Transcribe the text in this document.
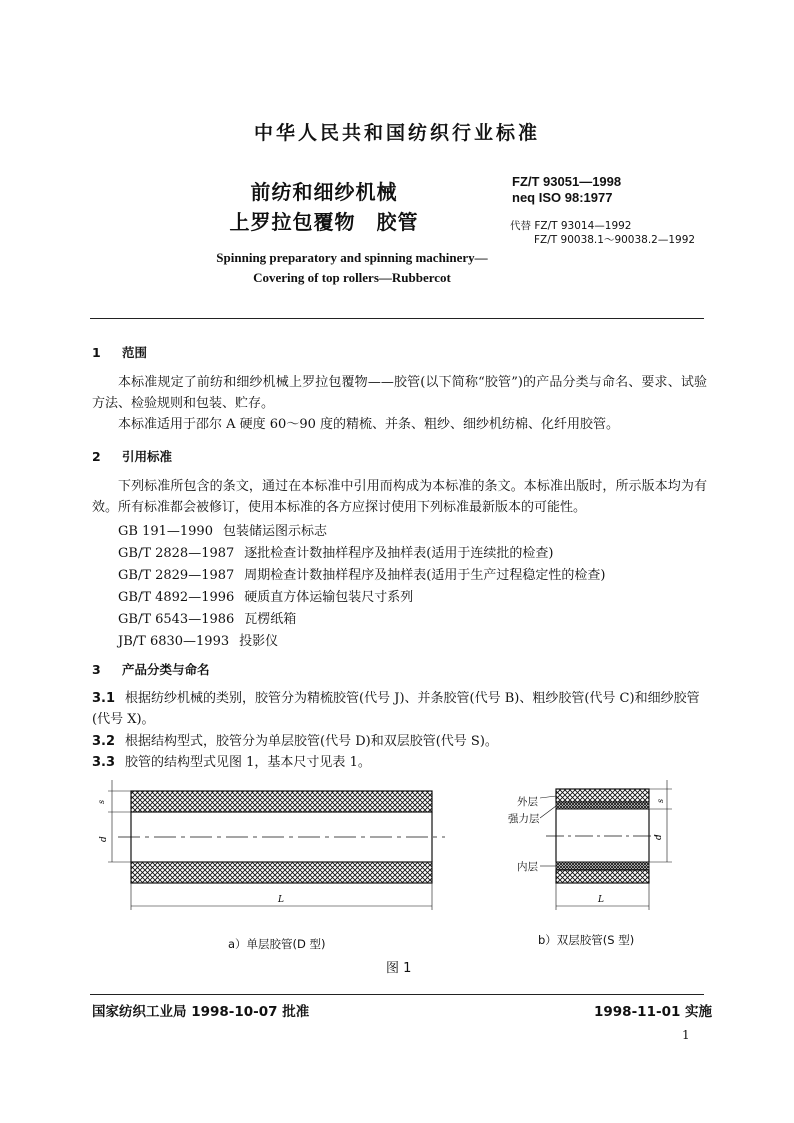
中华人民共和国纺织行业标准
前纺和细纱机械
上罗拉包覆物　胶管
FZ/T 93051—1998
neq ISO 98:1977
代替 FZ/T 93014—1992
FZ/T 90038.1～90038.2—1992
Spinning preparatory and spinning machinery—
Covering of top rollers—Rubbercot
1 范围
本标准规定了前纺和细纱机械上罗拉包覆物——胶管(以下简称“胶管”)的产品分类与命名、要求、试验方法、检验规则和包装、贮存。
本标准适用于邵尔 A 硬度 60～90 度的精梳、并条、粗纱、细纱机纺棉、化纤用胶管。
2 引用标准
下列标准所包含的条文，通过在本标准中引用而构成为本标准的条文。本标准出版时，所示版本均为有效。所有标准都会被修订，使用本标准的各方应探讨使用下列标准最新版本的可能性。
GB 191—1990 包装储运图示标志
GB/T 2828—1987 逐批检查计数抽样程序及抽样表(适用于连续批的检查)
GB/T 2829—1987 周期检查计数抽样程序及抽样表(适用于生产过程稳定性的检查)
GB/T 4892—1996 硬质直方体运输包装尺寸系列
GB/T 6543—1986 瓦楞纸箱
JB/T 6830—1993 投影仪
3 产品分类与命名
3.1 根据纺纱机械的类别，胶管分为精梳胶管(代号 J)、并条胶管(代号 B)、粗纱胶管(代号 C)和细纱胶管(代号 X)。
3.2 根据结构型式，胶管分为单层胶管(代号 D)和双层胶管(代号 S)。
3.3 胶管的结构型式见图 1，基本尺寸见表 1。
s
d
L
s
d
L
外层
强力层
内层
a）单层胶管(D 型)	b）双层胶管(S 型)
图 1
国家纺织工业局 1998-10-07 批准	1998-11-01 实施
1
